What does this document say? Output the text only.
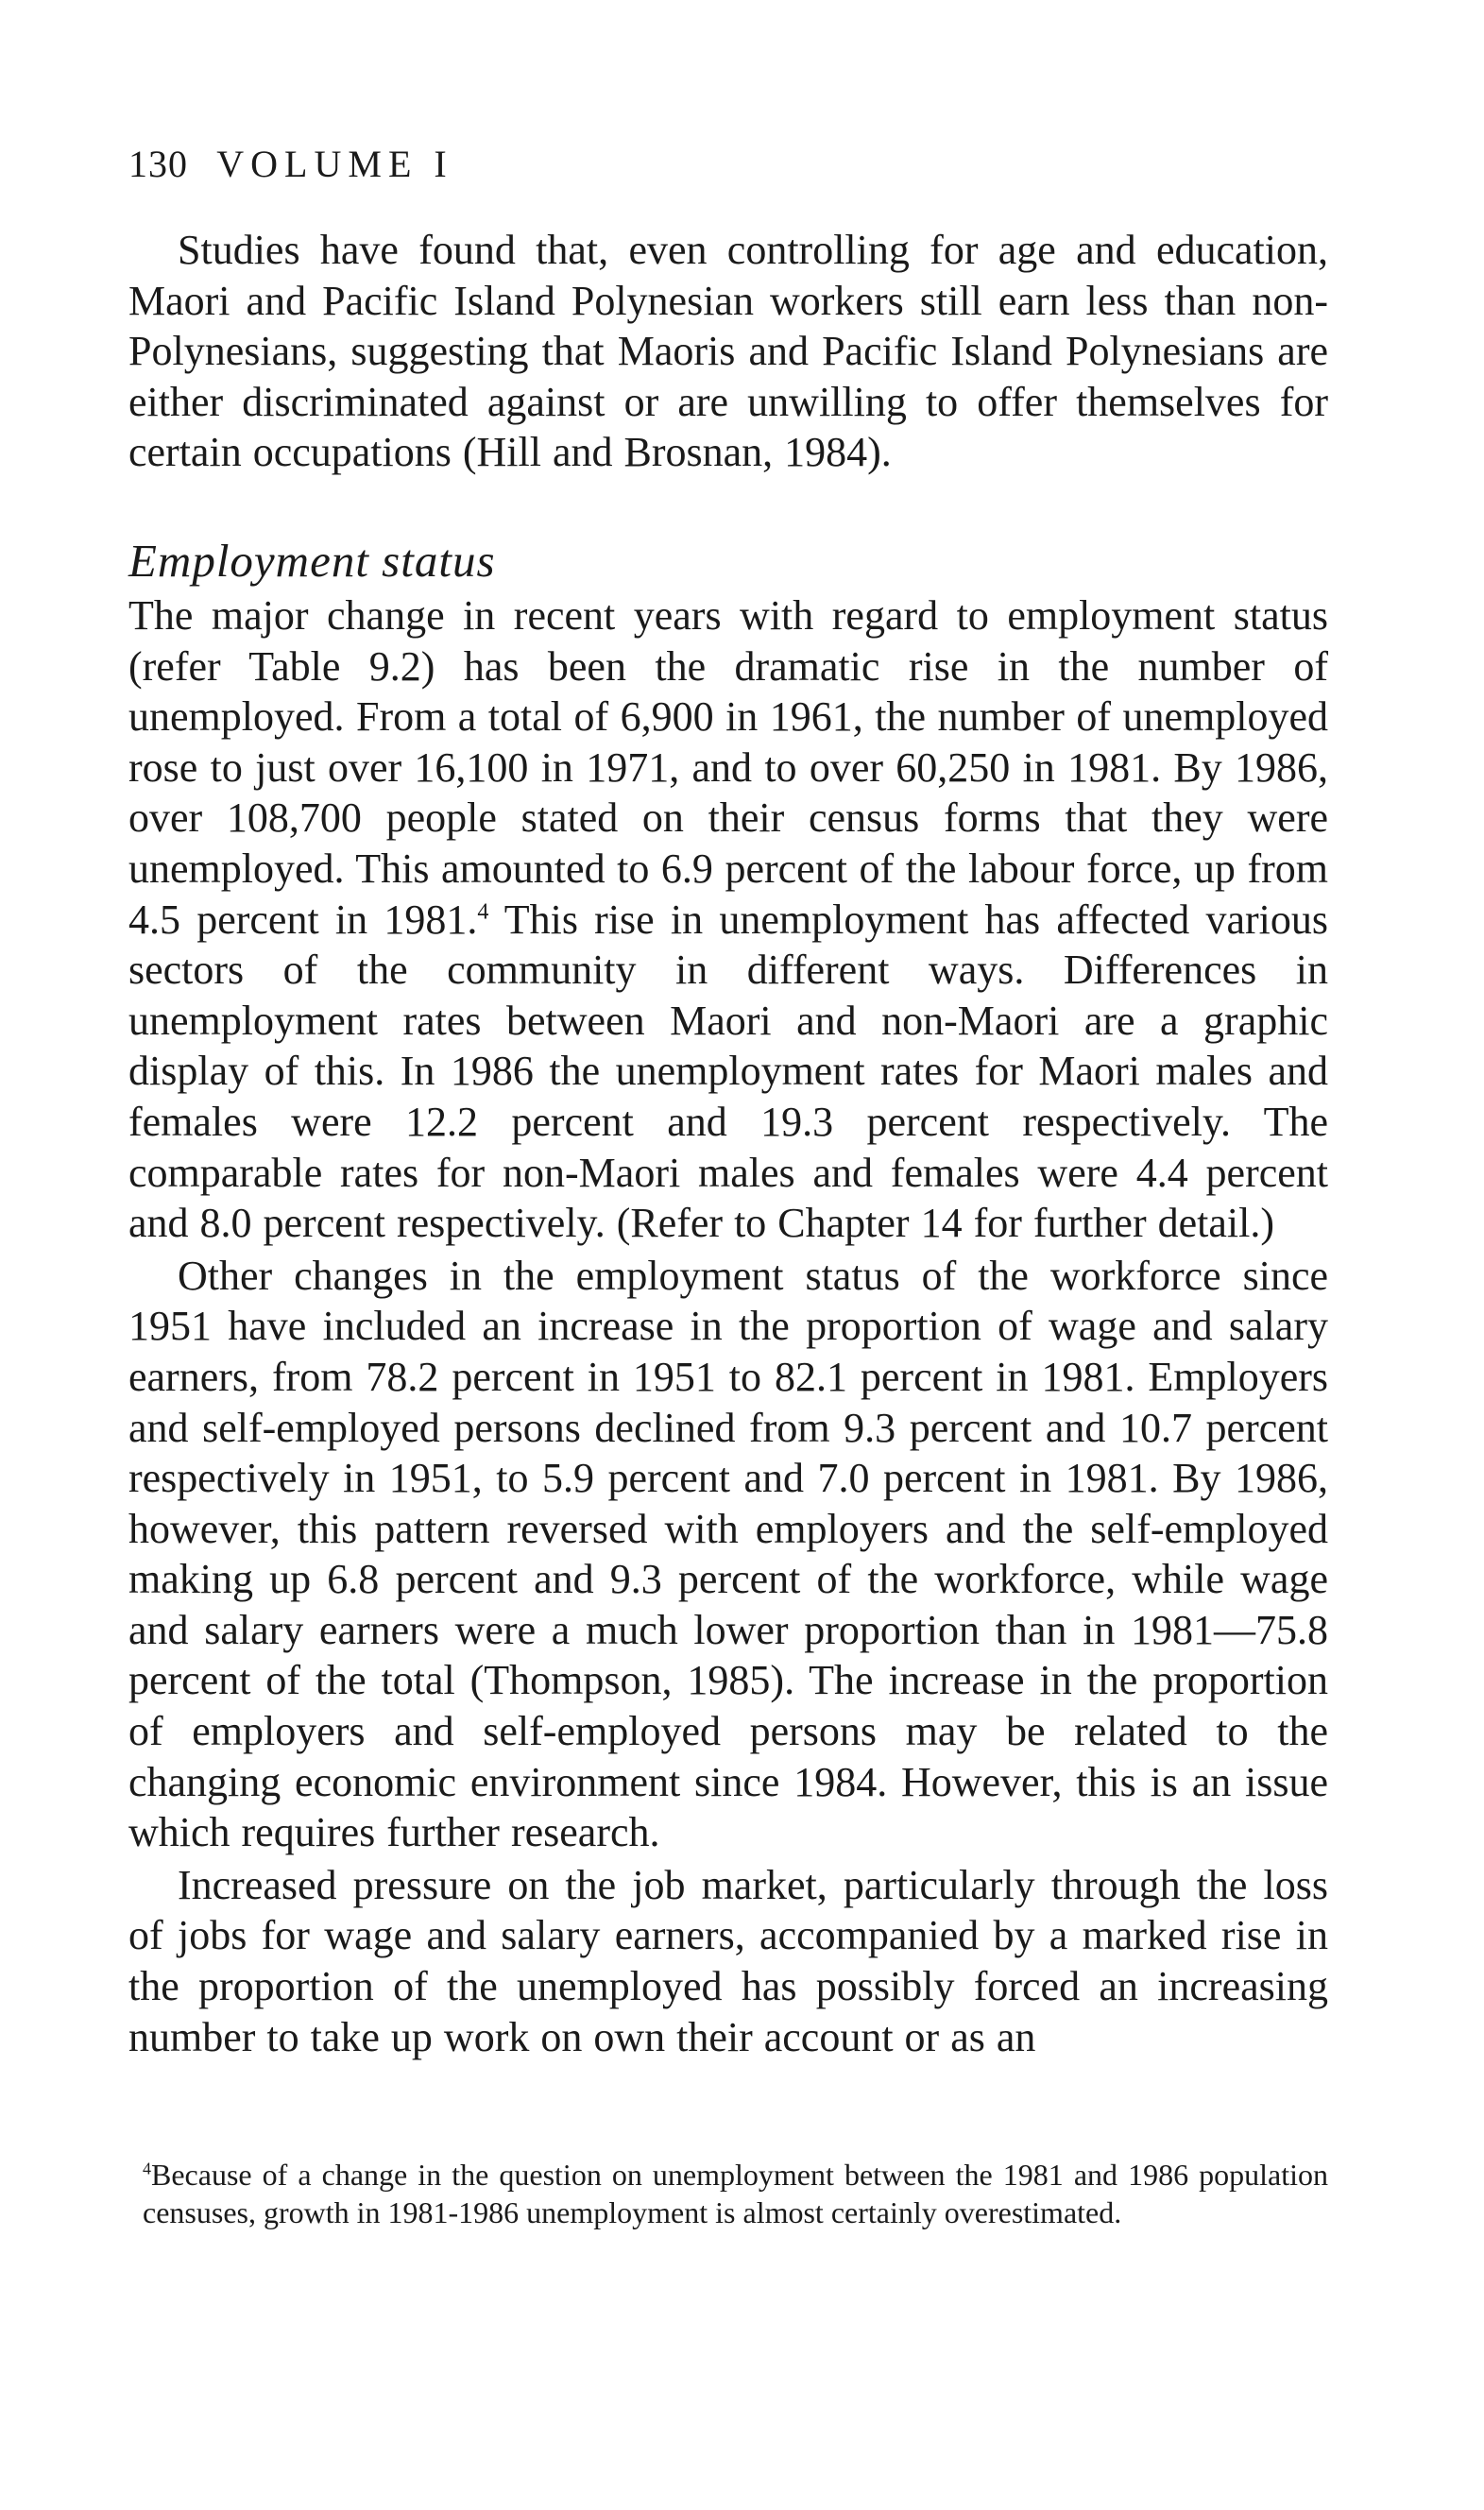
130 VOLUME I

Studies have found that, even controlling for age and education, Maori and Pacific Island Polynesian workers still earn less than non-Polynesians, suggesting that Maoris and Pacific Island Polynesians are either discriminated against or are unwilling to offer themselves for certain occupations (Hill and Brosnan, 1984).

Employment status

The major change in recent years with regard to employment status (refer Table 9.2) has been the dramatic rise in the number of unemployed. From a total of 6,900 in 1961, the number of unemployed rose to just over 16,100 in 1971, and to over 60,250 in 1981. By 1986, over 108,700 people stated on their census forms that they were unemployed. This amounted to 6.9 percent of the labour force, up from 4.5 percent in 1981.$^4$ This rise in unemployment has affected various sectors of the community in different ways. Differences in unemployment rates between Maori and non-Maori are a graphic display of this. In 1986 the unemployment rates for Maori males and females were 12.2 percent and 19.3 percent respectively. The comparable rates for non-Maori males and females were 4.4 percent and 8.0 percent respectively. (Refer to Chapter 14 for further detail.)

Other changes in the employment status of the workforce since 1951 have included an increase in the proportion of wage and salary earners, from 78.2 percent in 1951 to 82.1 percent in 1981. Employers and self-employed persons declined from 9.3 percent and 10.7 percent respectively in 1951, to 5.9 percent and 7.0 percent in 1981. By 1986, however, this pattern reversed with employers and the self-employed making up 6.8 percent and 9.3 percent of the workforce, while wage and salary earners were a much lower proportion than in 1981—75.8 percent of the total (Thompson, 1985). The increase in the proportion of employers and self-employed persons may be related to the changing economic environment since 1984. However, this is an issue which requires further research.

Increased pressure on the job market, particularly through the loss of jobs for wage and salary earners, accompanied by a marked rise in the proportion of the unemployed has possibly forced an increasing number to take up work on own their account or as an

$^4$Because of a change in the question on unemployment between the 1981 and 1986 population censuses, growth in 1981-1986 unemployment is almost certainly overestimated.
